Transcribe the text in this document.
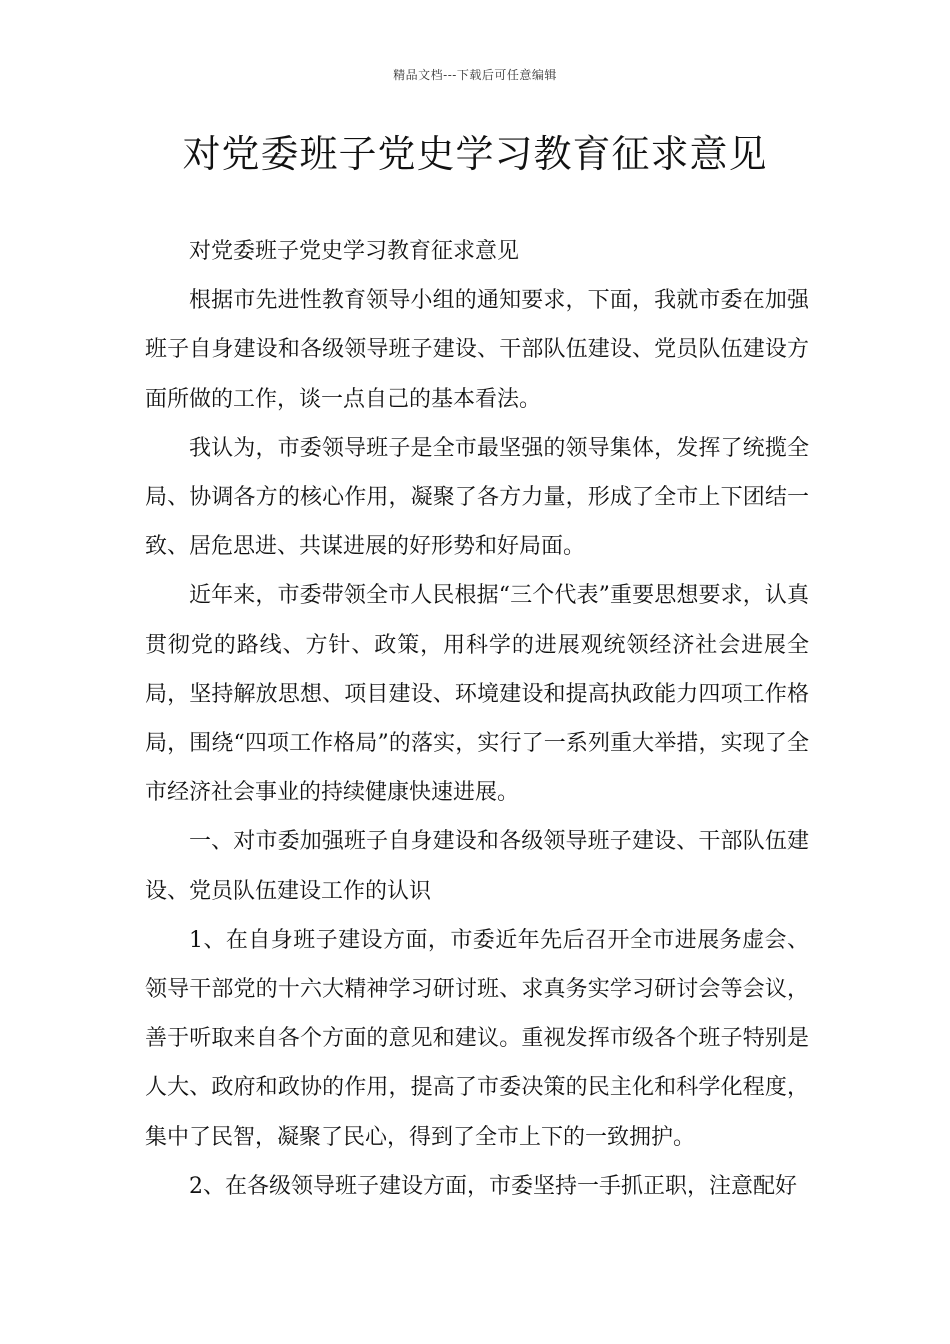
精品文档---下载后可任意编辑
对党委班子党史学习教育征求意见

对党委班子党史学习教育征求意见

根据市先进性教育领导小组的通知要求，下面，我就市委在加强班子自身建设和各级领导班子建设、干部队伍建设、党员队伍建设方面所做的工作，谈一点自己的基本看法。

我认为，市委领导班子是全市最坚强的领导集体，发挥了统揽全局、协调各方的核心作用，凝聚了各方力量，形成了全市上下团结一致、居危思进、共谋进展的好形势和好局面。

近年来，市委带领全市人民根据“三个代表”重要思想要求，认真贯彻党的路线、方针、政策，用科学的进展观统领经济社会进展全局，坚持解放思想、项目建设、环境建设和提高执政能力四项工作格局，围绕“四项工作格局”的落实，实行了一系列重大举措，实现了全市经济社会事业的持续健康快速进展。

一、对市委加强班子自身建设和各级领导班子建设、干部队伍建设、党员队伍建设工作的认识

1、在自身班子建设方面，市委近年先后召开全市进展务虚会、领导干部党的十六大精神学习研讨班、求真务实学习研讨会等会议，善于听取来自各个方面的意见和建议。重视发挥市级各个班子特别是人大、政府和政协的作用，提高了市委决策的民主化和科学化程度，集中了民智，凝聚了民心，得到了全市上下的一致拥护。

2、在各级领导班子建设方面，市委坚持一手抓正职，注意配好
